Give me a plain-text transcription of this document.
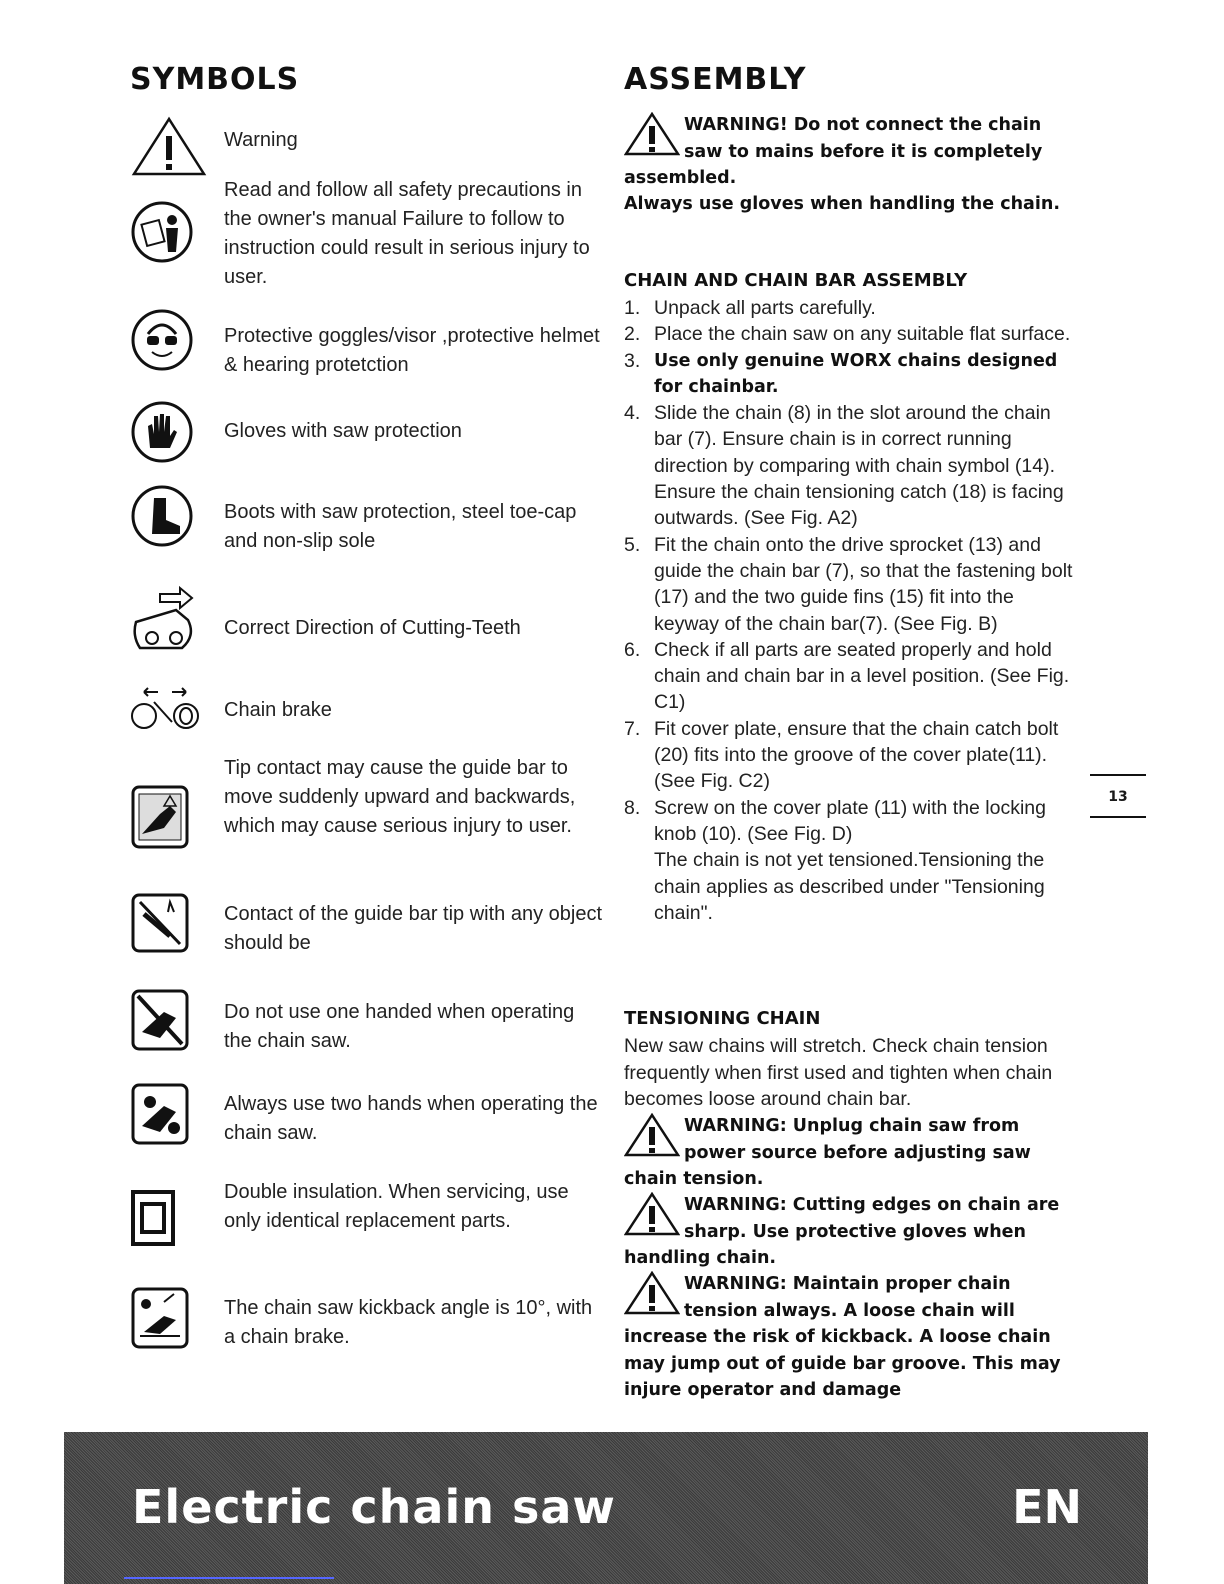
SYMBOLS
Warning
Read and follow all safety precautions in the owner's manual Failure to follow to instruction could result in serious injury to user.
Protective goggles/visor ,protective helmet & hearing protetction
Gloves with saw protection
Boots with saw protection, steel toe-cap and non-slip sole
Correct Direction of Cutting-Teeth
Chain brake
Tip contact may cause the guide bar to move suddenly upward and backwards, which may cause serious injury to user.
Contact of the guide bar tip with any object should be
Do not use one handed when operating the chain saw.
Always use two hands when operating the chain saw.
Double insulation. When servicing, use only identical replacement parts.
The chain saw kickback angle is 10°, with a chain brake.
ASSEMBLY
WARNING! Do not connect the chain saw to mains before it is completely assembled.
Always use gloves when handling the chain.
CHAIN AND CHAIN BAR ASSEMBLY
1. Unpack all parts carefully.
2. Place the chain saw on any suitable flat surface.
3. Use only genuine WORX chains designed for chainbar.
4. Slide the chain (8) in the slot around the chain bar (7). Ensure chain is in correct running direction by comparing with chain symbol (14). Ensure the chain tensioning catch (18) is facing outwards. (See Fig. A2)
5. Fit the chain onto the drive sprocket (13) and guide the chain bar (7), so that the fastening bolt (17) and the two guide fins (15) fit into the keyway of the chain bar(7). (See Fig. B)
6. Check if all parts are seated properly and hold chain and chain bar in a level position. (See Fig. C1)
7. Fit cover plate, ensure that the chain catch bolt (20) fits into the groove of the cover plate(11). (See Fig. C2)
8. Screw on the cover plate (11) with the locking knob (10). (See Fig. D)
The chain is not yet tensioned.Tensioning the chain applies as described under "Tensioning chain".
TENSIONING CHAIN
New saw chains will stretch. Check chain tension frequently when first used and tighten when chain becomes loose around chain bar.
WARNING: Unplug chain saw from power source before adjusting saw chain tension.
WARNING: Cutting edges on chain are sharp. Use protective gloves when handling chain.
WARNING: Maintain proper chain tension always. A loose chain will increase the risk of kickback. A loose chain may jump out of guide bar groove. This may injure operator and damage
13
Electric chain saw	EN
